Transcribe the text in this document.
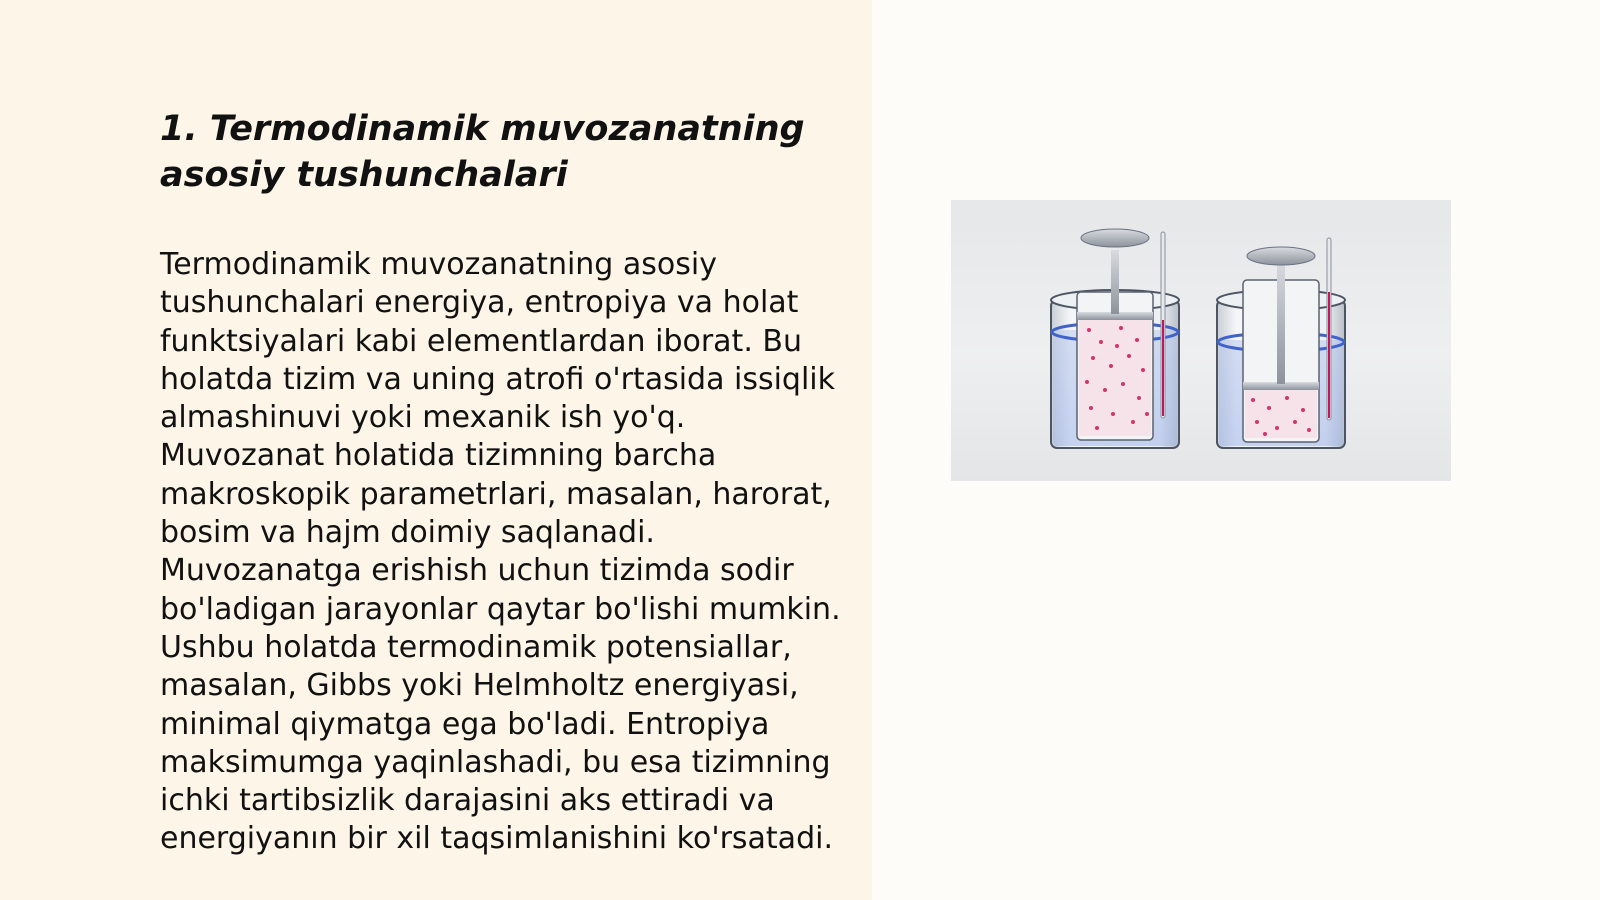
1. Termodinamik muvozanatning asosiy tushunchalari

Termodinamik muvozanatning asosiy tushunchalari energiya, entropiya va holat funktsiyalari kabi elementlardan iborat. Bu holatda tizim va uning atrofi o'rtasida issiqlik almashinuvi yoki mexanik ish yo'q. Muvozanat holatida tizimning barcha makroskopik parametrlari, masalan, harorat, bosim va hajm doimiy saqlanadi. Muvozanatga erishish uchun tizimda sodir bo'ladigan jarayonlar qaytar bo'lishi mumkin. Ushbu holatda termodinamik potensiallar, masalan, Gibbs yoki Helmholtz energiyasi, minimal qiymatga ega bo'ladi. Entropiya maksimumga yaqinlashadi, bu esa tizimning ichki tartibsizlik darajasini aks ettiradi va energiyanın bir xil taqsimlanishini ko'rsatadi.
